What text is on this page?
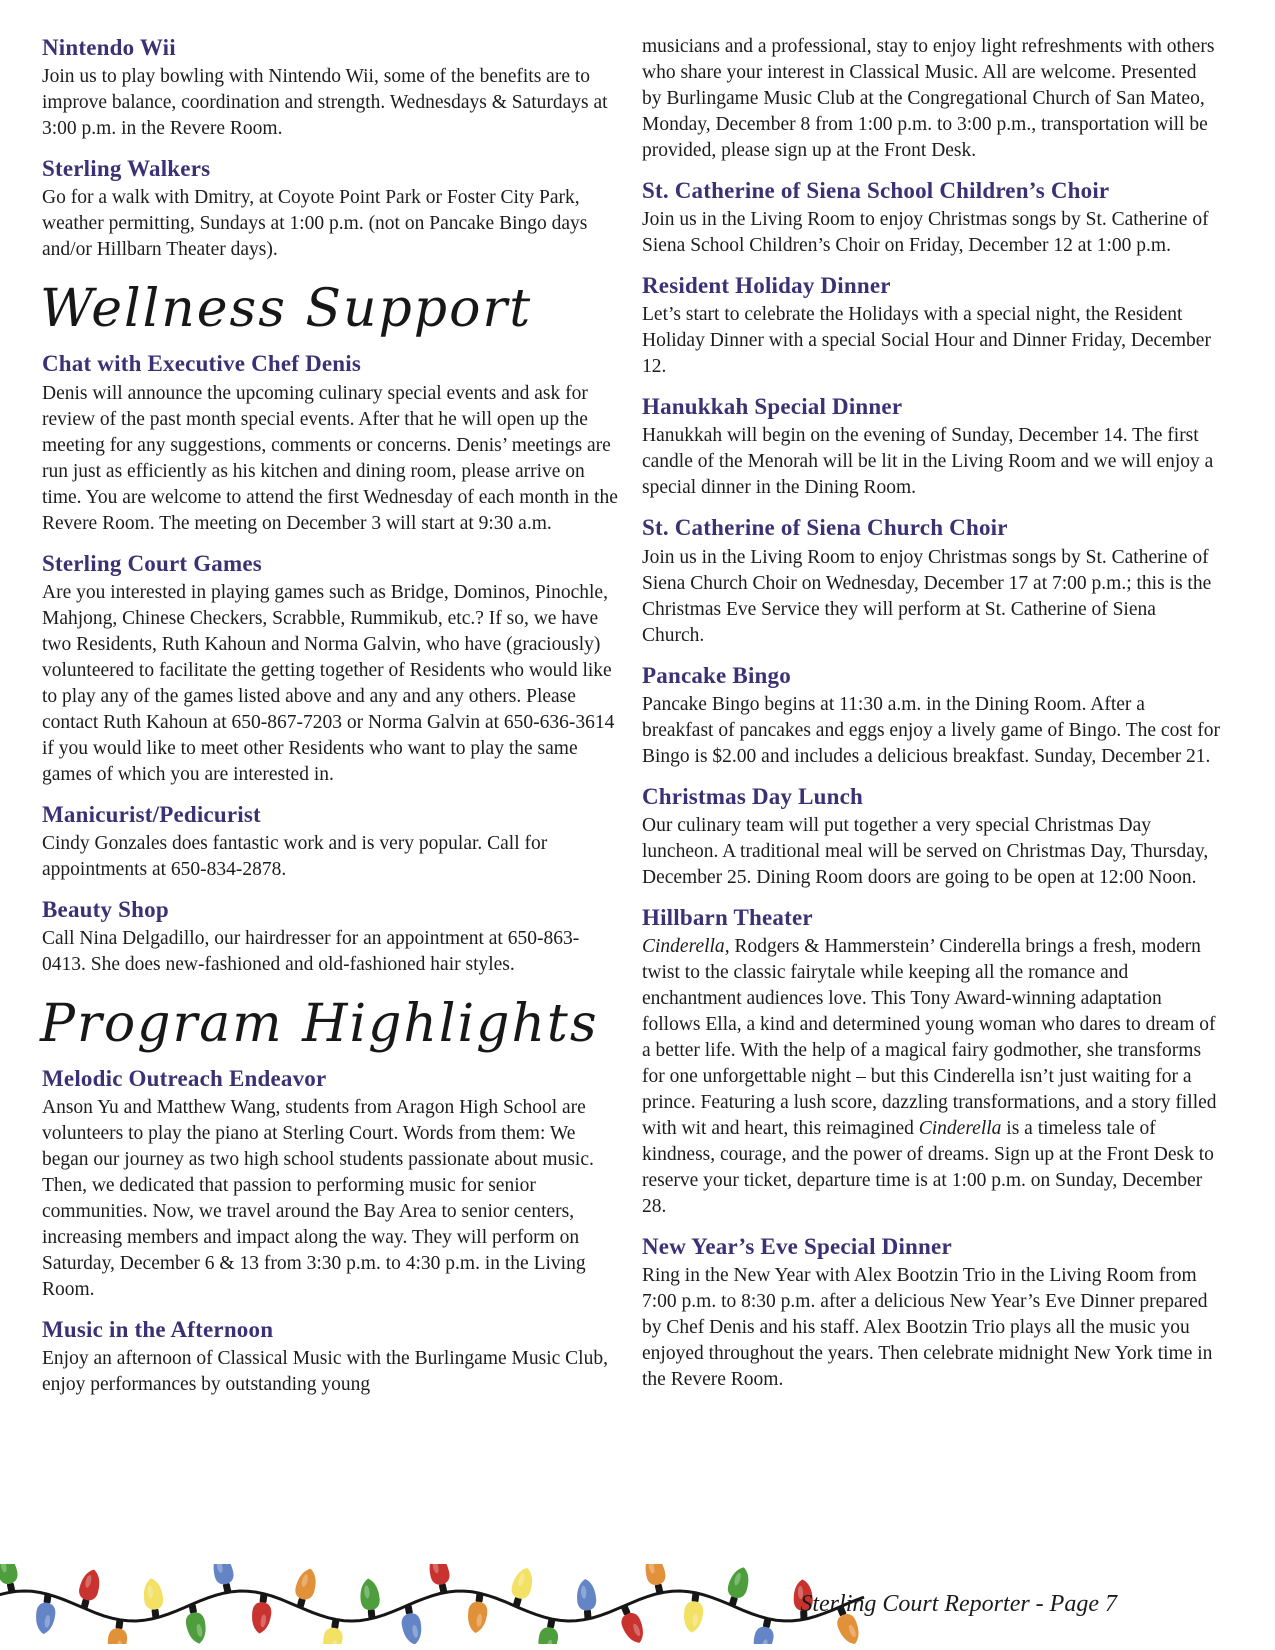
Nintendo Wii

Join us to play bowling with Nintendo Wii, some of the benefits are to improve balance, coordination and strength. Wednesdays & Saturdays at 3:00 p.m. in the Revere Room.

Sterling Walkers

Go for a walk with Dmitry, at Coyote Point Park or Foster City Park, weather permitting, Sundays at 1:00 p.m. (not on Pancake Bingo days and/or Hillbarn Theater days).

Wellness Support
Chat with Executive Chef Denis

Denis will announce the upcoming culinary special events and ask for review of the past month special events. After that he will open up the meeting for any suggestions, comments or concerns. Denis’ meetings are run just as efficiently as his kitchen and dining room, please arrive on time. You are welcome to attend the first Wednesday of each month in the Revere Room. The meeting on December 3 will start at 9:30 a.m.

Sterling Court Games

Are you interested in playing games such as Bridge, Dominos, Pinochle, Mahjong, Chinese Checkers, Scrabble, Rummikub, etc.? If so, we have two Residents, Ruth Kahoun and Norma Galvin, who have (graciously) volunteered to facilitate the getting together of Residents who would like to play any of the games listed above and any and any others. Please contact Ruth Kahoun at 650-867-7203 or Norma Galvin at 650-636-3614 if you would like to meet other Residents who want to play the same games of which you are interested in.

Manicurist/Pedicurist

Cindy Gonzales does fantastic work and is very popular. Call for appointments at 650-834-2878.

Beauty Shop

Call Nina Delgadillo, our hairdresser for an appointment at 650-863-0413. She does new-fashioned and old-fashioned hair styles.

Program Highlights
Melodic Outreach Endeavor

Anson Yu and Matthew Wang, students from Aragon High School are volunteers to play the piano at Sterling Court. Words from them: We began our journey as two high school students passionate about music. Then, we dedicated that passion to performing music for senior communities. Now, we travel around the Bay Area to senior centers, increasing members and impact along the way. They will perform on Saturday, December 6 & 13 from 3:30 p.m. to 4:30 p.m. in the Living Room.

Music in the Afternoon

Enjoy an afternoon of Classical Music with the Burlingame Music Club, enjoy performances by outstanding young

musicians and a professional, stay to enjoy light refreshments with others who share your interest in Classical Music. All are welcome. Presented by Burlingame Music Club at the Congregational Church of San Mateo, Monday, December 8 from 1:00 p.m. to 3:00 p.m., transportation will be provided, please sign up at the Front Desk.

St. Catherine of Siena School Children’s Choir

Join us in the Living Room to enjoy Christmas songs by St. Catherine of Siena School Children’s Choir on Friday, December 12 at 1:00 p.m.

Resident Holiday Dinner

Let’s start to celebrate the Holidays with a special night, the Resident Holiday Dinner with a special Social Hour and Dinner Friday, December 12.

Hanukkah Special Dinner

Hanukkah will begin on the evening of Sunday, December 14. The first candle of the Menorah will be lit in the Living Room and we will enjoy a special dinner in the Dining Room.

St. Catherine of Siena Church Choir

Join us in the Living Room to enjoy Christmas songs by St. Catherine of Siena Church Choir on Wednesday, December 17 at 7:00 p.m.; this is the Christmas Eve Service they will perform at St. Catherine of Siena Church.

Pancake Bingo

Pancake Bingo begins at 11:30 a.m. in the Dining Room. After a breakfast of pancakes and eggs enjoy a lively game of Bingo. The cost for Bingo is $2.00 and includes a delicious breakfast. Sunday, December 21.

Christmas Day Lunch

Our culinary team will put together a very special Christmas Day luncheon. A traditional meal will be served on Christmas Day, Thursday, December 25. Dining Room doors are going to be open at 12:00 Noon.

Hillbarn Theater

Cinderella, Rodgers & Hammerstein’ Cinderella brings a fresh, modern twist to the classic fairytale while keeping all the romance and enchantment audiences love. This Tony Award-winning adaptation follows Ella, a kind and determined young woman who dares to dream of a better life. With the help of a magical fairy godmother, she transforms for one unforgettable night – but this Cinderella isn’t just waiting for a prince. Featuring a lush score, dazzling transformations, and a story filled with wit and heart, this reimagined Cinderella is a timeless tale of kindness, courage, and the power of dreams. Sign up at the Front Desk to reserve your ticket, departure time is at 1:00 p.m. on Sunday, December 28.

New Year’s Eve Special Dinner

Ring in the New Year with Alex Bootzin Trio in the Living Room from 7:00 p.m. to 8:30 p.m. after a delicious New Year’s Eve Dinner prepared by Chef Denis and his staff. Alex Bootzin Trio plays all the music you enjoyed throughout the years. Then celebrate midnight New York time in the Revere Room.

Sterling Court Reporter - Page 7
